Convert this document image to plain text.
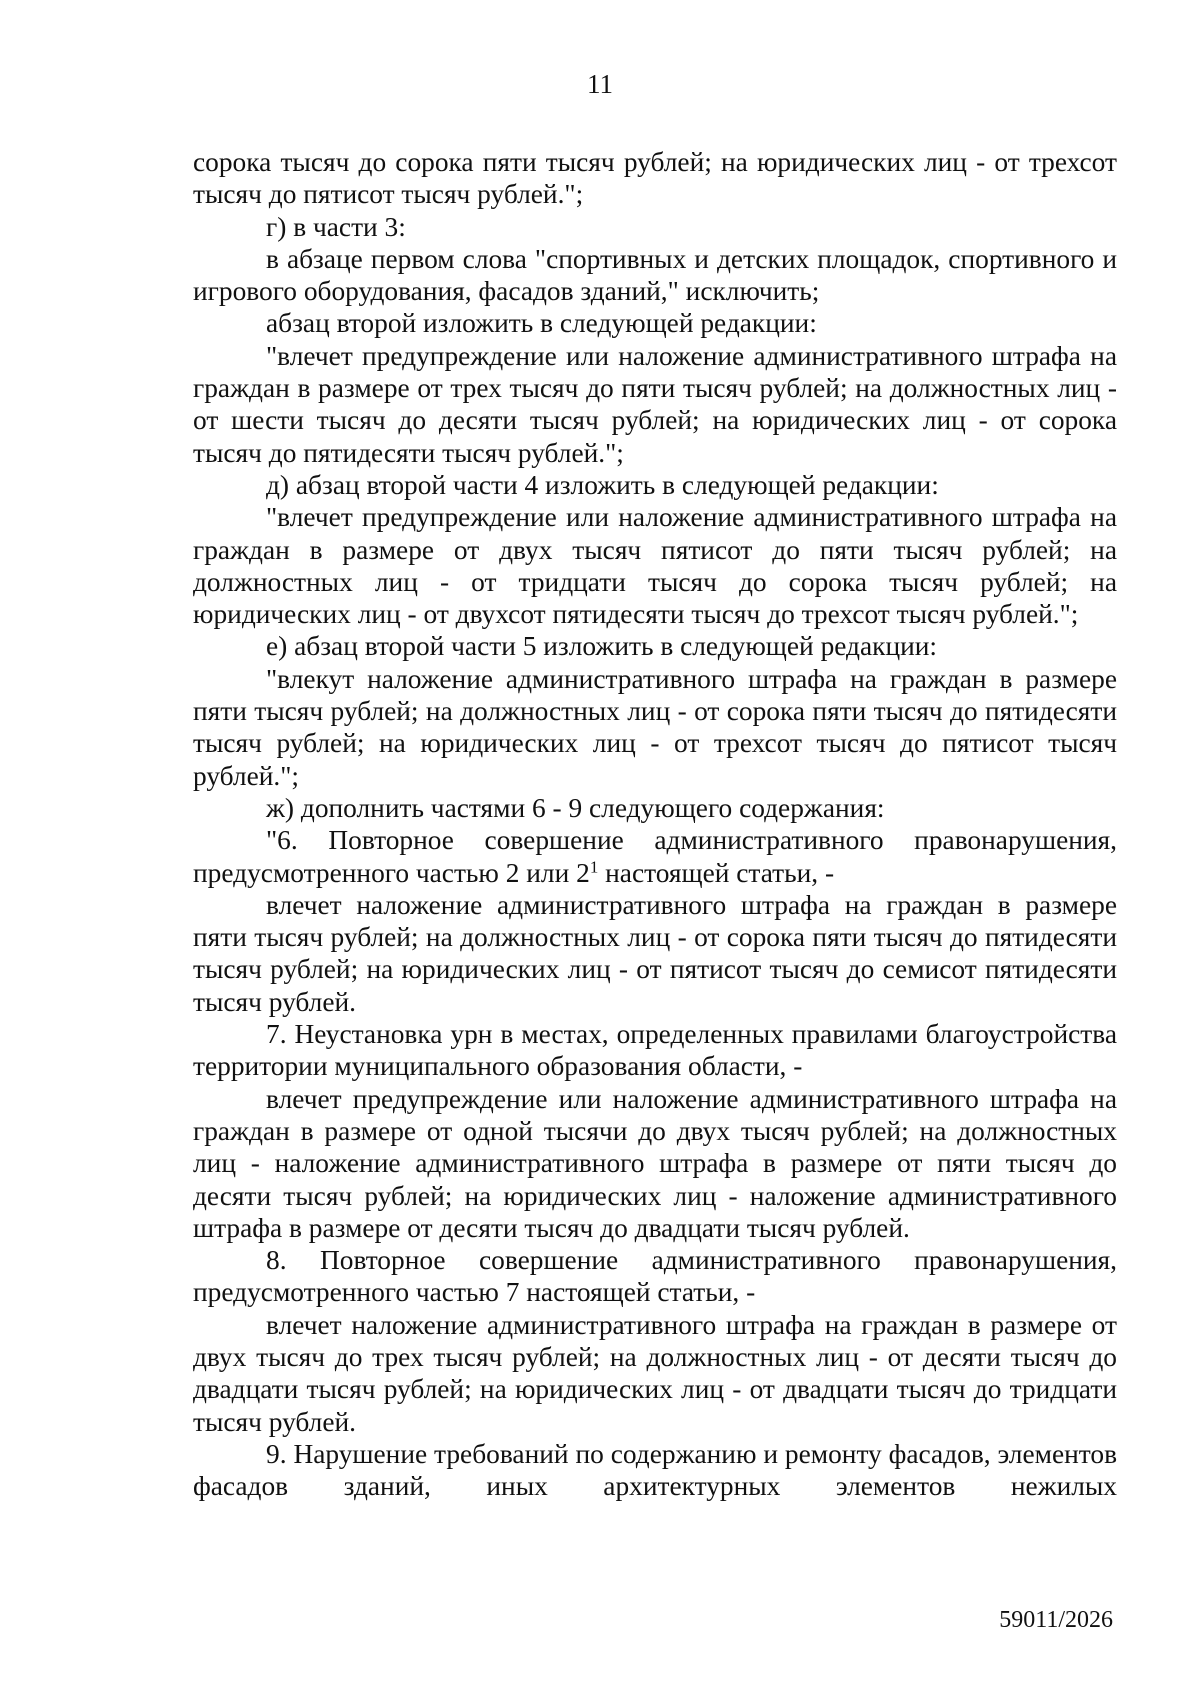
11

сорока тысяч до сорока пяти тысяч рублей; на юридических лиц - от трехсот тысяч до пятисот тысяч рублей.";

г) в части 3:

в абзаце первом слова "спортивных и детских площадок, спортивного и игрового оборудования, фасадов зданий," исключить;

абзац второй изложить в следующей редакции:

"влечет предупреждение или наложение административного штрафа на граждан в размере от трех тысяч до пяти тысяч рублей; на должностных лиц - от шести тысяч до десяти тысяч рублей; на юридических лиц - от сорока тысяч до пятидесяти тысяч рублей.";

д) абзац второй части 4 изложить в следующей редакции:

"влечет предупреждение или наложение административного штрафа на граждан в размере от двух тысяч пятисот до пяти тысяч рублей; на должностных лиц - от тридцати тысяч до сорока тысяч рублей; на юридических лиц - от двухсот пятидесяти тысяч до трехсот тысяч рублей.";

е) абзац второй части 5 изложить в следующей редакции:

"влекут наложение административного штрафа на граждан в размере пяти тысяч рублей; на должностных лиц - от сорока пяти тысяч до пятидесяти тысяч рублей; на юридических лиц - от трехсот тысяч до пятисот тысяч рублей.";

ж) дополнить частями 6 - 9 следующего содержания:

"6. Повторное совершение административного правонарушения, предусмотренного частью 2 или $2^1$ настоящей статьи, -

влечет наложение административного штрафа на граждан в размере пяти тысяч рублей; на должностных лиц - от сорока пяти тысяч до пятидесяти тысяч рублей; на юридических лиц - от пятисот тысяч до семисот пятидесяти тысяч рублей.

7. Неустановка урн в местах, определенных правилами благоустройства территории муниципального образования области, -

влечет предупреждение или наложение административного штрафа на граждан в размере от одной тысячи до двух тысяч рублей; на должностных лиц - наложение административного штрафа в размере от пяти тысяч до десяти тысяч рублей; на юридических лиц - наложение административного штрафа в размере от десяти тысяч до двадцати тысяч рублей.

8. Повторное совершение административного правонарушения, предусмотренного частью 7 настоящей статьи, -

влечет наложение административного штрафа на граждан в размере от двух тысяч до трех тысяч рублей; на должностных лиц - от десяти тысяч до двадцати тысяч рублей; на юридических лиц - от двадцати тысяч до тридцати тысяч рублей.

9. Нарушение требований по содержанию и ремонту фасадов, элементов фасадов зданий, иных архитектурных элементов нежилых

59011/2026
